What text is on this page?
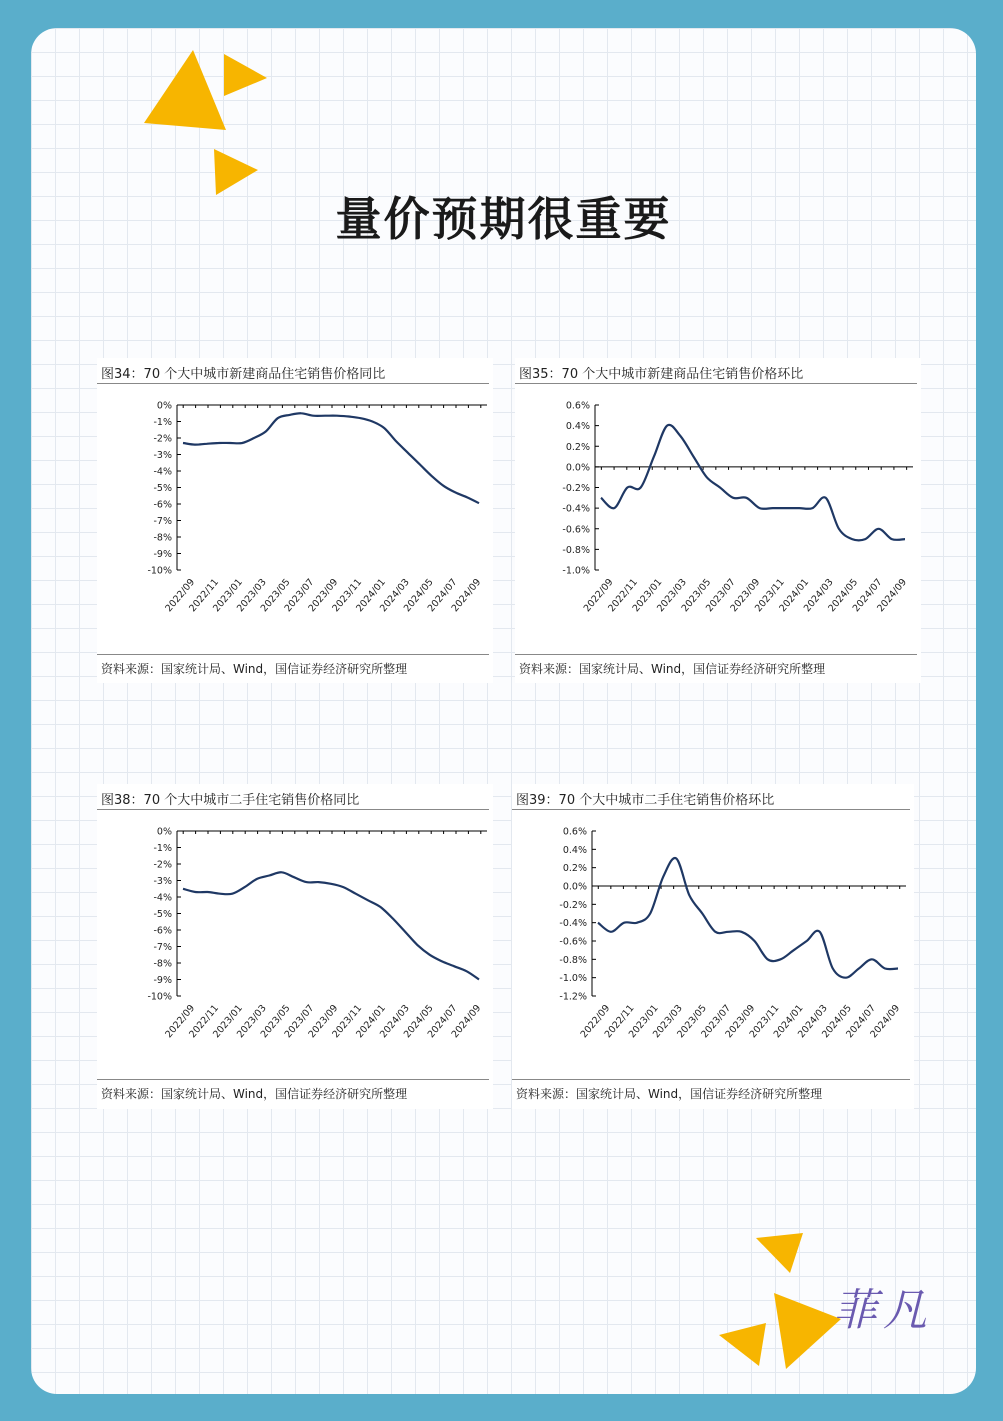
量价预期很重要
图34：70 个大中城市新建商品住宅销售价格同比
0%
-1%
-2%
-3%
-4%
-5%
-6%
-7%
-8%
-9%
-10%
2022/09
2022/11
2023/01
2023/03
2023/05
2023/07
2023/09
2023/11
2024/01
2024/03
2024/05
2024/07
2024/09
资料来源：国家统计局、Wind，国信证券经济研究所整理
图35：70 个大中城市新建商品住宅销售价格环比
0.6%
0.4%
0.2%
0.0%
-0.2%
-0.4%
-0.6%
-0.8%
-1.0%
2022/09
2022/11
2023/01
2023/03
2023/05
2023/07
2023/09
2023/11
2024/01
2024/03
2024/05
2024/07
2024/09
资料来源：国家统计局、Wind，国信证券经济研究所整理
图38：70 个大中城市二手住宅销售价格同比
0%
-1%
-2%
-3%
-4%
-5%
-6%
-7%
-8%
-9%
-10%
2022/09
2022/11
2023/01
2023/03
2023/05
2023/07
2023/09
2023/11
2024/01
2024/03
2024/05
2024/07
2024/09
资料来源：国家统计局、Wind，国信证券经济研究所整理
图39：70 个大中城市二手住宅销售价格环比
0.6%
0.4%
0.2%
0.0%
-0.2%
-0.4%
-0.6%
-0.8%
-1.0%
-1.2%
2022/09
2022/11
2023/01
2023/03
2023/05
2023/07
2023/09
2023/11
2024/01
2024/03
2024/05
2024/07
2024/09
资料来源：国家统计局、Wind，国信证券经济研究所整理
菲凡
